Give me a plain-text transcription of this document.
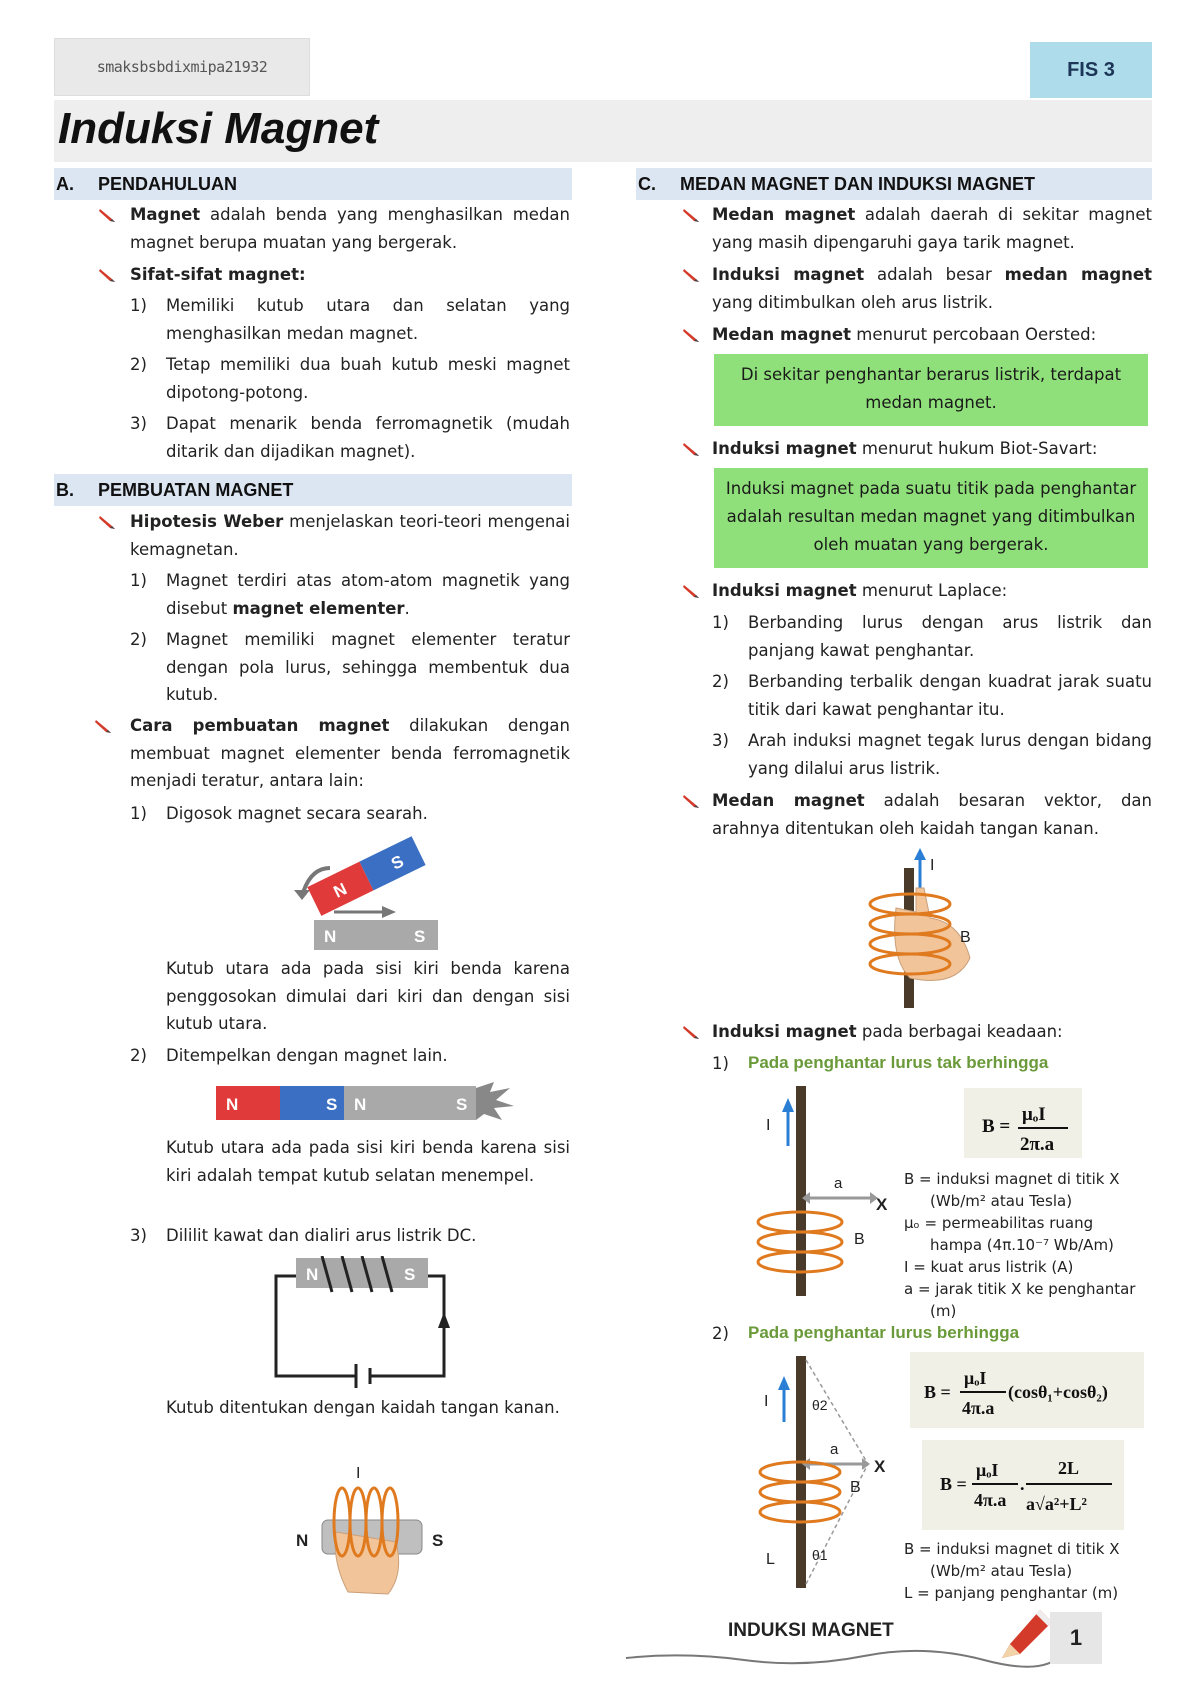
smaksbsbdixmipa21932	FIS 3
Induksi Magnet
A.	PENDAHULUAN
Magnet adalah benda yang menghasilkan medan magnet berupa muatan yang bergerak.
Sifat-sifat magnet:
1) Memiliki kutub utara dan selatan yang menghasilkan medan magnet.
2) Tetap memiliki dua buah kutub meski magnet dipotong-potong.
3) Dapat menarik benda ferromagnetik (mudah ditarik dan dijadikan magnet).
B.	PEMBUATAN MAGNET
Hipotesis Weber menjelaskan teori-teori mengenai kemagnetan.
1) Magnet terdiri atas atom-atom magnetik yang disebut magnet elementer.
2) Magnet memiliki magnet elementer teratur dengan pola lurus, sehingga membentuk dua kutub.
Cara pembuatan magnet dilakukan dengan membuat magnet elementer benda ferromagnetik menjadi teratur, antara lain:
1) Digosok magnet secara searah.
N
S
N	S
Kutub utara ada pada sisi kiri benda karena penggosokan dimulai dari kiri dan dengan sisi kutub utara.
2) Ditempelkan dengan magnet lain.
N	S N	S
Kutub utara ada pada sisi kiri benda karena sisi kiri adalah tempat kutub selatan menempel.
3) Dililit kawat dan dialiri arus listrik DC.
N	S
Kutub ditentukan dengan kaidah tangan kanan.
I
N	S
C.	MEDAN MAGNET DAN INDUKSI MAGNET
Medan magnet adalah daerah di sekitar magnet yang masih dipengaruhi gaya tarik magnet.
Induksi magnet adalah besar medan magnet yang ditimbulkan oleh arus listrik.
Medan magnet menurut percobaan Oersted:
Di sekitar penghantar berarus listrik, terdapat medan magnet.
Induksi magnet menurut hukum Biot-Savart:
Induksi magnet pada suatu titik pada penghantar adalah resultan medan magnet yang ditimbulkan oleh muatan yang bergerak.
Induksi magnet menurut Laplace:
1) Berbanding lurus dengan arus listrik dan panjang kawat penghantar.
2) Berbanding terbalik dengan kuadrat jarak suatu titik dari kawat penghantar itu.
3) Arah induksi magnet tegak lurus dengan bidang yang dilalui arus listrik.
Medan magnet adalah besaran vektor, dan arahnya ditentukan oleh kaidah tangan kanan.
I
B
Induksi magnet pada berbagai keadaan:
1) Pada penghantar lurus tak berhingga
I
a
X
B
B =
μₒI
2π.a
B = induksi magnet di titik X
(Wb/m² atau Tesla)
μₒ = permeabilitas ruang
hampa (4π.10⁻⁷ Wb/Am)
I = kuat arus listrik (A)
a = jarak titik X ke penghantar
(m)
2) Pada penghantar lurus berhingga
I	θ2
a
X
B
L	θ1
B =
μₒI
4π.a
(cosθ₁+cosθ₂)
B =
μₒI
4π.a
.
2L
a√a²+L²
B = induksi magnet di titik X
(Wb/m² atau Tesla)
L = panjang penghantar (m)
INDUKSI MAGNET	1
